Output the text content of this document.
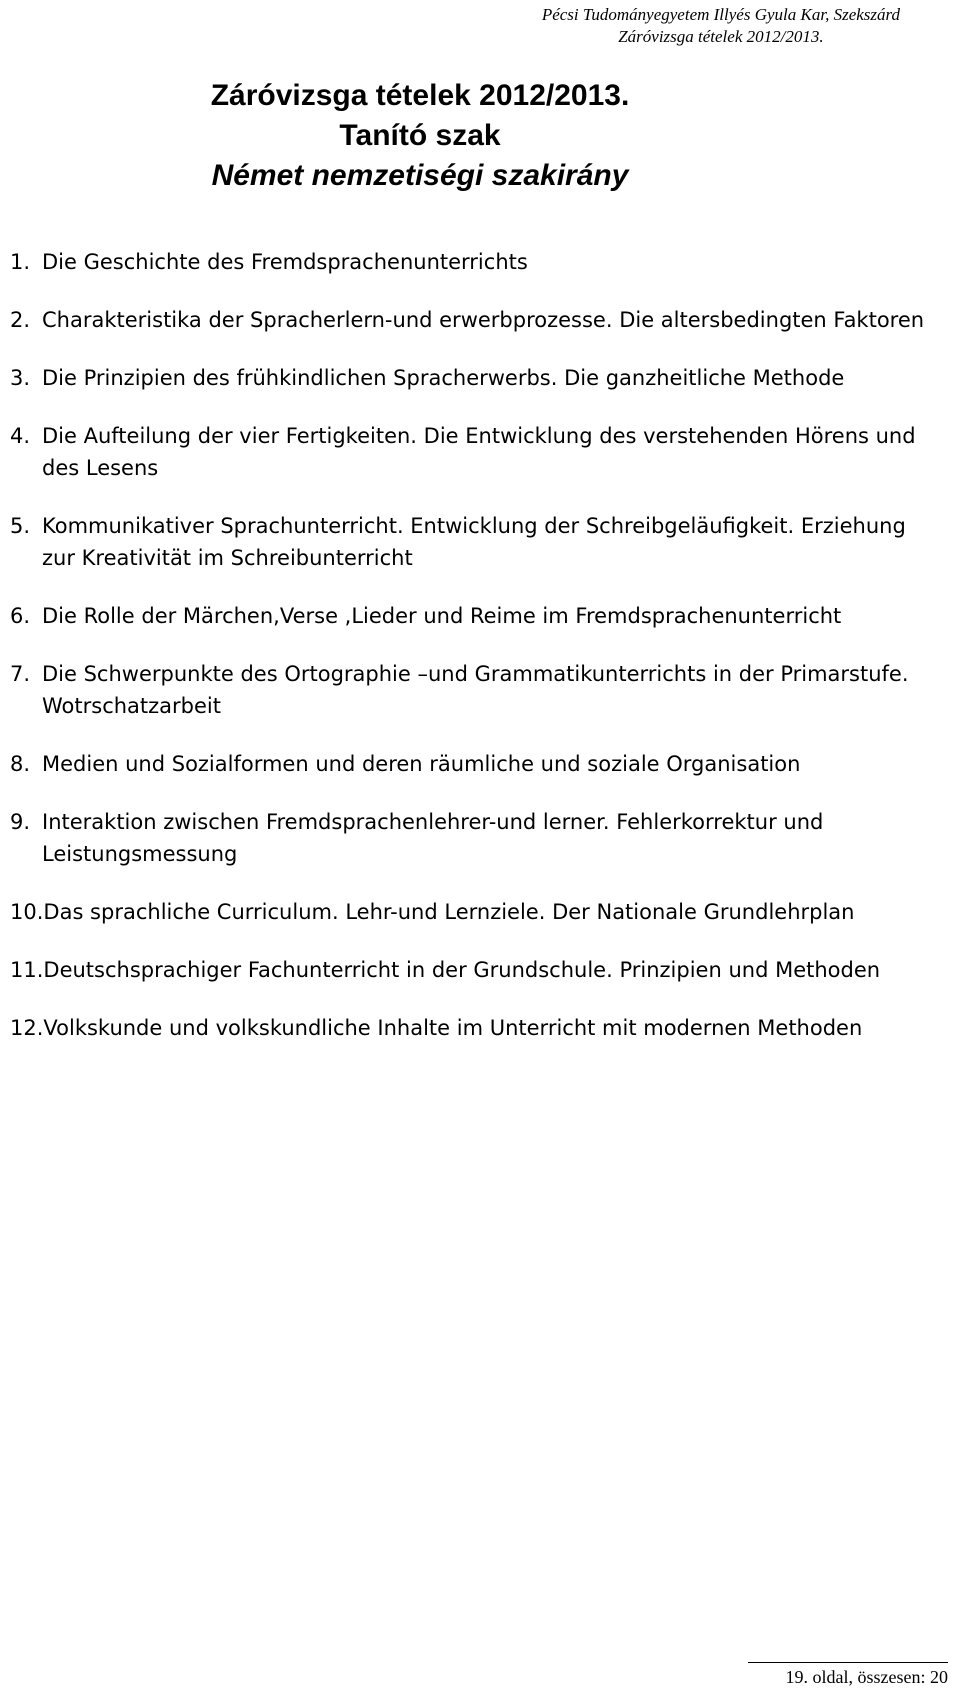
Pécsi Tudományegyetem Illyés Gyula Kar, Szekszárd
Záróvizsga tételek 2012/2013.
Záróvizsga tételek 2012/2013.
Tanító szak
Német nemzetiségi szakirány
1. Die Geschichte des Fremdsprachenunterrichts
2. Charakteristika der Spracherlern-und erwerbprozesse. Die altersbedingten Faktoren
3. Die Prinzipien des frühkindlichen Spracherwerbs. Die ganzheitliche Methode
4. Die Aufteilung der vier Fertigkeiten. Die Entwicklung des verstehenden Hörens und des Lesens
5. Kommunikativer Sprachunterricht. Entwicklung der Schreibgeläufigkeit. Erziehung zur Kreativität im Schreibunterricht
6. Die Rolle der Märchen,Verse ,Lieder und Reime im Fremdsprachenunterricht
7. Die Schwerpunkte des Ortographie –und Grammatikunterrichts in der Primarstufe. Wotrschatzarbeit
8. Medien und Sozialformen und deren räumliche und soziale Organisation
9. Interaktion zwischen Fremdsprachenlehrer-und lerner. Fehlerkorrektur und Leistungsmessung
10. Das sprachliche Curriculum. Lehr-und Lernziele. Der Nationale Grundlehrplan
11. Deutschsprachiger Fachunterricht in der Grundschule. Prinzipien und Methoden
12. Volkskunde und volkskundliche Inhalte im Unterricht mit modernen Methoden
19. oldal, összesen: 20
